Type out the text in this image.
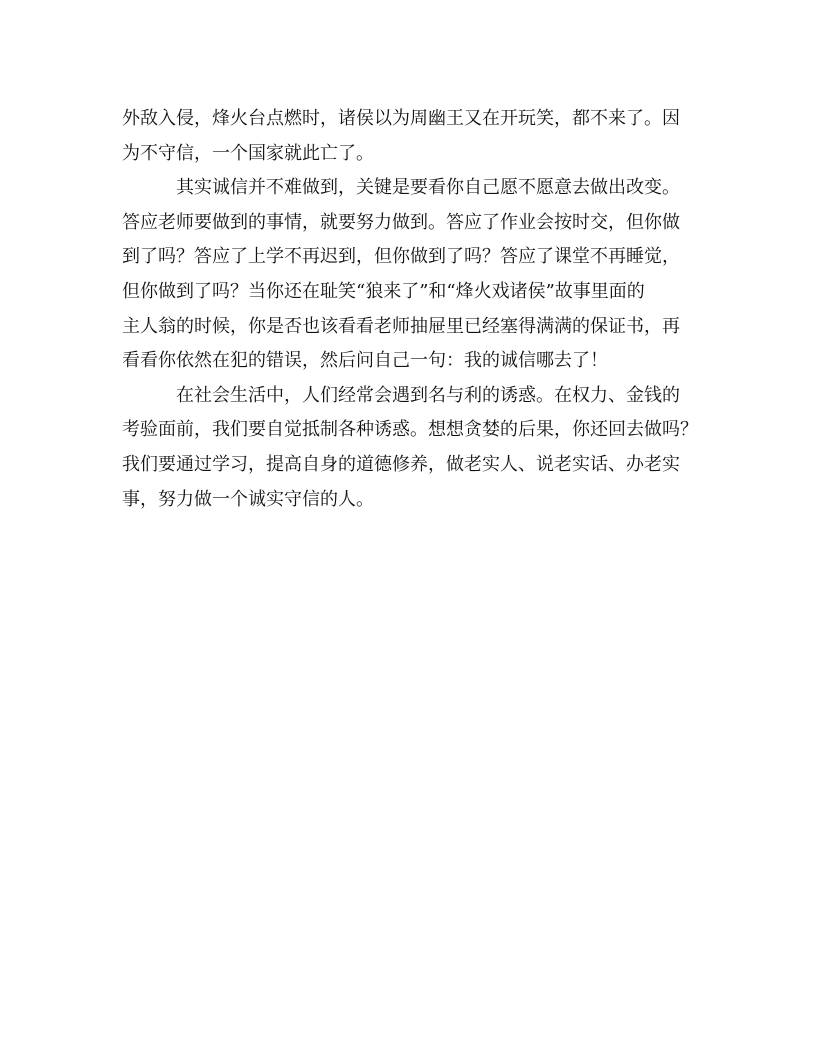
外敌入侵，烽火台点燃时，诸侯以为周幽王又在开玩笑，都不来了。因
为不守信，一个国家就此亡了。
其实诚信并不难做到，关键是要看你自己愿不愿意去做出改变。
答应老师要做到的事情，就要努力做到。答应了作业会按时交，但你做
到了吗？答应了上学不再迟到，但你做到了吗？答应了课堂不再睡觉，
但你做到了吗？当你还在耻笑“狼来了”和“烽火戏诸侯”故事里面的
主人翁的时候，你是否也该看看老师抽屉里已经塞得满满的保证书，再
看看你依然在犯的错误，然后问自己一句：我的诚信哪去了！
在社会生活中，人们经常会遇到名与利的诱惑。在权力、金钱的
考验面前，我们要自觉抵制各种诱惑。想想贪婪的后果，你还回去做吗？
我们要通过学习，提高自身的道德修养，做老实人、说老实话、办老实
事，努力做一个诚实守信的人。
